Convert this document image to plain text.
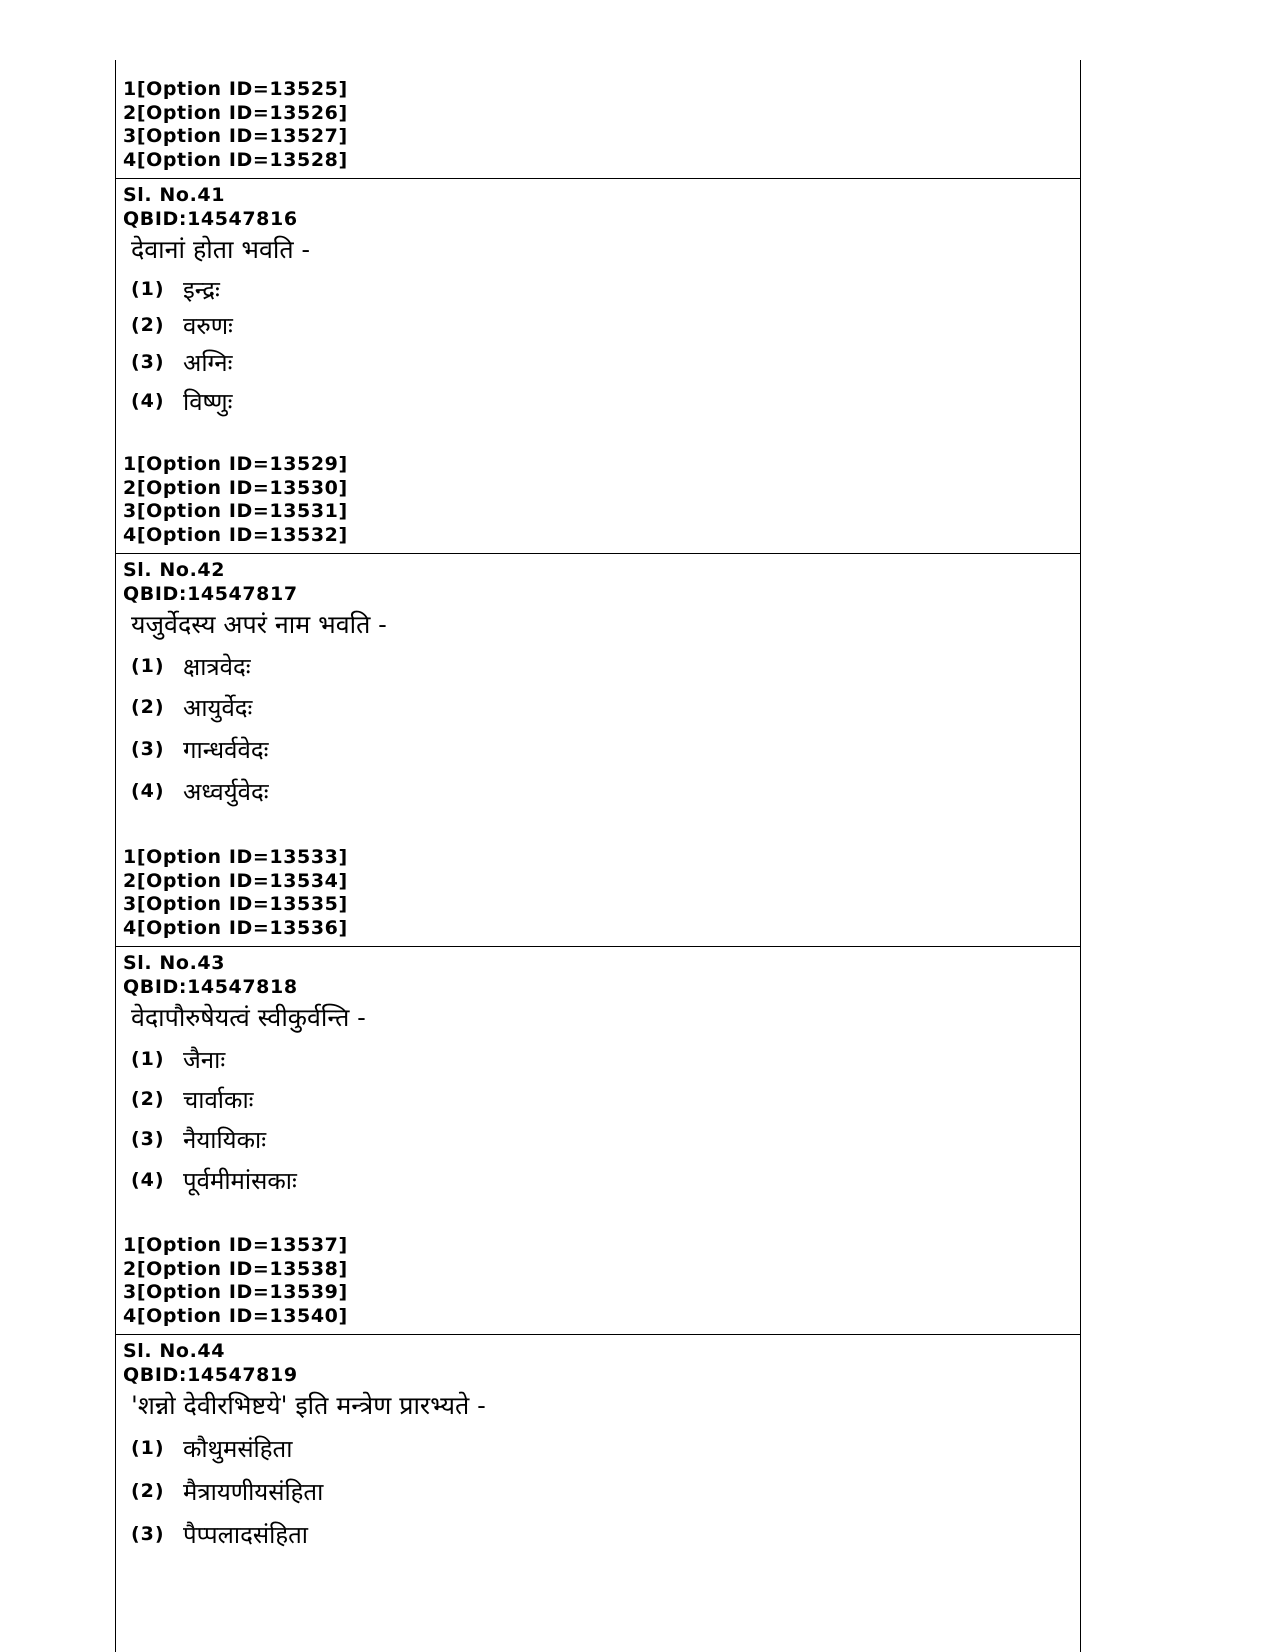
1[Option ID=13525]
2[Option ID=13526]
3[Option ID=13527]
4[Option ID=13528]
Sl. No.41
QBID:14547816
देवानां होता भवति -
(1) इन्द्रः
(2) वरुणः
(3) अग्निः
(4) विष्णुः
1[Option ID=13529]
2[Option ID=13530]
3[Option ID=13531]
4[Option ID=13532]
Sl. No.42
QBID:14547817
यजुर्वेदस्य अपरं नाम भवति -
(1) क्षात्रवेदः
(2) आयुर्वेदः
(3) गान्धर्ववेदः
(4) अध्वर्युवेदः
1[Option ID=13533]
2[Option ID=13534]
3[Option ID=13535]
4[Option ID=13536]
Sl. No.43
QBID:14547818
वेदापौरुषेयत्वं स्वीकुर्वन्ति -
(1) जैनाः
(2) चार्वाकाः
(3) नैयायिकाः
(4) पूर्वमीमांसकाः
1[Option ID=13537]
2[Option ID=13538]
3[Option ID=13539]
4[Option ID=13540]
Sl. No.44
QBID:14547819
'शन्नो देवीरभिष्टये' इति मन्त्रेण प्रारभ्यते -
(1) कौथुमसंहिता
(2) मैत्रायणीयसंहिता
(3) पैप्पलादसंहिता
